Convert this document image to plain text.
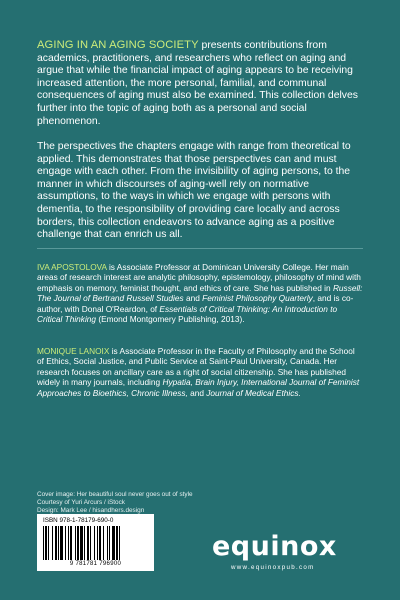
AGING IN AN AGING SOCIETY presents contributions from academics, practitioners, and researchers who reflect on aging and argue that while the financial impact of aging appears to be receiving increased attention, the more personal, familial, and communal consequences of aging must also be examined. This collection delves further into the topic of aging both as a personal and social phenomenon.

The perspectives the chapters engage with range from theoretical to applied. This demonstrates that those perspectives can and must engage with each other. From the invisibility of aging persons, to the manner in which discourses of aging-well rely on normative assumptions, to the ways in which we engage with persons with dementia, to the responsibility of providing care locally and across borders, this collection endeavors to advance aging as a positive challenge that can enrich us all.

IVA APOSTOLOVA is Associate Professor at Dominican University College. Her main areas of research interest are analytic philosophy, epistemology, philosophy of mind with emphasis on memory, feminist thought, and ethics of care. She has published in Russell: The Journal of Bertrand Russell Studies and Feminist Philosophy Quarterly, and is co-author, with Donal O'Reardon, of Essentials of Critical Thinking: An Introduction to Critical Thinking (Emond Montgomery Publishing, 2013).

MONIQUE LANOIX is Associate Professor in the Faculty of Philosophy and the School of Ethics, Social Justice, and Public Service at Saint-Paul University, Canada. Her research focuses on ancillary care as a right of social citizenship. She has published widely in many journals, including Hypatia, Brain Injury, International Journal of Feminist Approaches to Bioethics, Chronic Illness, and Journal of Medical Ethics.

Cover image: Her beautiful soul never goes out of style
Courtesy of Yuri Arcurs / iStock
Design: Mark Lee / hisandhers.design
ISBN 978-1-78179-690-0
9 781781 796900
equinox
www.equinoxpub.com
